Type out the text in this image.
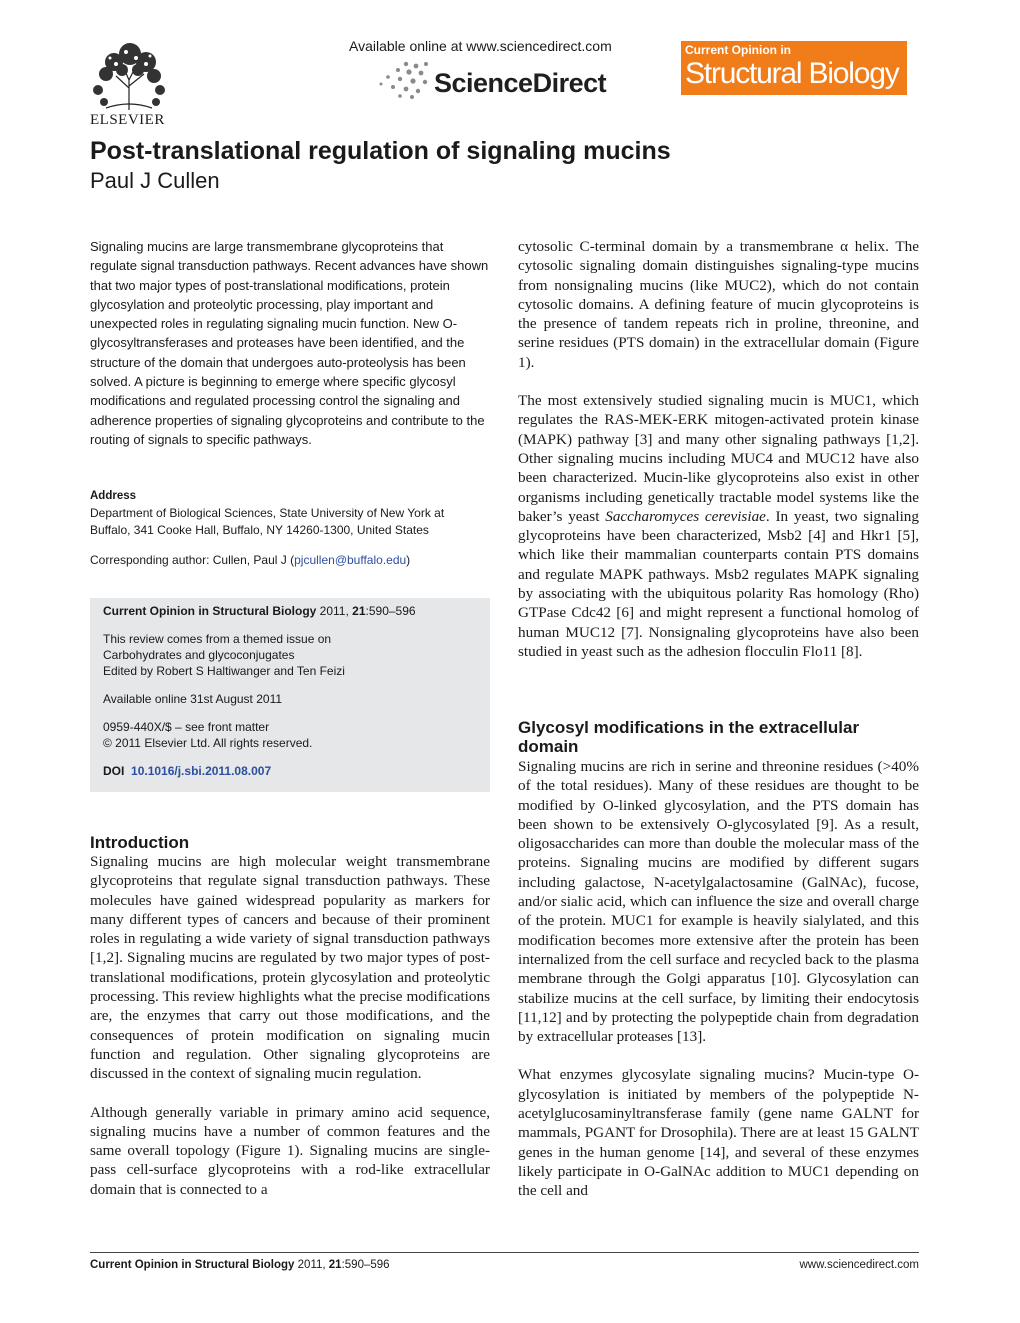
ELSEVIER
Available online at www.sciencedirect.com
ScienceDirect
Current Opinion in
Structural Biology
Post-translational regulation of signaling mucins
Paul J Cullen
Signaling mucins are large transmembrane glycoproteins that regulate signal transduction pathways. Recent advances have shown that two major types of post-translational modifications, protein glycosylation and proteolytic processing, play important and unexpected roles in regulating signaling mucin function. New O-glycosyltransferases and proteases have been identified, and the structure of the domain that undergoes auto-proteolysis has been solved. A picture is beginning to emerge where specific glycosyl modifications and regulated processing control the signaling and adherence properties of signaling glycoproteins and contribute to the routing of signals to specific pathways.
Address
Department of Biological Sciences, State University of New York at Buffalo, 341 Cooke Hall, Buffalo, NY 14260-1300, United States
Corresponding author: Cullen, Paul J (pjcullen@buffalo.edu)

Current Opinion in Structural Biology 2011, 21:590–596

This review comes from a themed issue on
Carbohydrates and glycoconjugates
Edited by Robert S Haltiwanger and Ten Feizi

Available online 31st August 2011

0959-440X/$ – see front matter
© 2011 Elsevier Ltd. All rights reserved.

DOI 10.1016/j.sbi.2011.08.007

Introduction

Signaling mucins are high molecular weight transmembrane glycoproteins that regulate signal transduction pathways. These molecules have gained widespread popularity as markers for many different types of cancers and because of their prominent roles in regulating a wide variety of signal transduction pathways [1,2]. Signaling mucins are regulated by two major types of post-translational modifications, protein glycosylation and proteolytic processing. This review highlights what the precise modifications are, the enzymes that carry out those modifications, and the consequences of protein modification on signaling mucin function and regulation. Other signaling glycoproteins are discussed in the context of signaling mucin regulation.

Although generally variable in primary amino acid sequence, signaling mucins have a number of common features and the same overall topology (Figure 1). Signaling mucins are single-pass cell-surface glycoproteins with a rod-like extracellular domain that is connected to a

cytosolic C-terminal domain by a transmembrane α helix. The cytosolic signaling domain distinguishes signaling-type mucins from nonsignaling mucins (like MUC2), which do not contain cytosolic domains. A defining feature of mucin glycoproteins is the presence of tandem repeats rich in proline, threonine, and serine residues (PTS domain) in the extracellular domain (Figure 1).

The most extensively studied signaling mucin is MUC1, which regulates the RAS-MEK-ERK mitogen-activated protein kinase (MAPK) pathway [3] and many other signaling pathways [1,2]. Other signaling mucins including MUC4 and MUC12 have also been characterized. Mucin-like glycoproteins also exist in other organisms including genetically tractable model systems like the baker’s yeast Saccharomyces cerevisiae. In yeast, two signaling glycoproteins have been characterized, Msb2 [4] and Hkr1 [5], which like their mammalian counterparts contain PTS domains and regulate MAPK pathways. Msb2 regulates MAPK signaling by associating with the ubiquitous polarity Ras homology (Rho) GTPase Cdc42 [6] and might represent a functional homolog of human MUC12 [7]. Nonsignaling glycoproteins have also been studied in yeast such as the adhesion flocculin Flo11 [8].

Glycosyl modifications in the extracellular domain

Signaling mucins are rich in serine and threonine residues (>40% of the total residues). Many of these residues are thought to be modified by O-linked glycosylation, and the PTS domain has been shown to be extensively O-glycosylated [9]. As a result, oligosaccharides can more than double the molecular mass of the proteins. Signaling mucins are modified by different sugars including galactose, N-acetylgalactosamine (GalNAc), fucose, and/or sialic acid, which can influence the size and overall charge of the protein. MUC1 for example is heavily sialylated, and this modification becomes more extensive after the protein has been internalized from the cell surface and recycled back to the plasma membrane through the Golgi apparatus [10]. Glycosylation can stabilize mucins at the cell surface, by limiting their endocytosis [11,12] and by protecting the polypeptide chain from degradation by extracellular proteases [13].

What enzymes glycosylate signaling mucins? Mucin-type O-glycosylation is initiated by members of the polypeptide N-acetylglucosaminyltransferase family (gene name GALNT for mammals, PGANT for Drosophila). There are at least 15 GALNT genes in the human genome [14], and several of these enzymes likely participate in O-GalNAc addition to MUC1 depending on the cell and

Current Opinion in Structural Biology 2011, 21:590–596	www.sciencedirect.com
